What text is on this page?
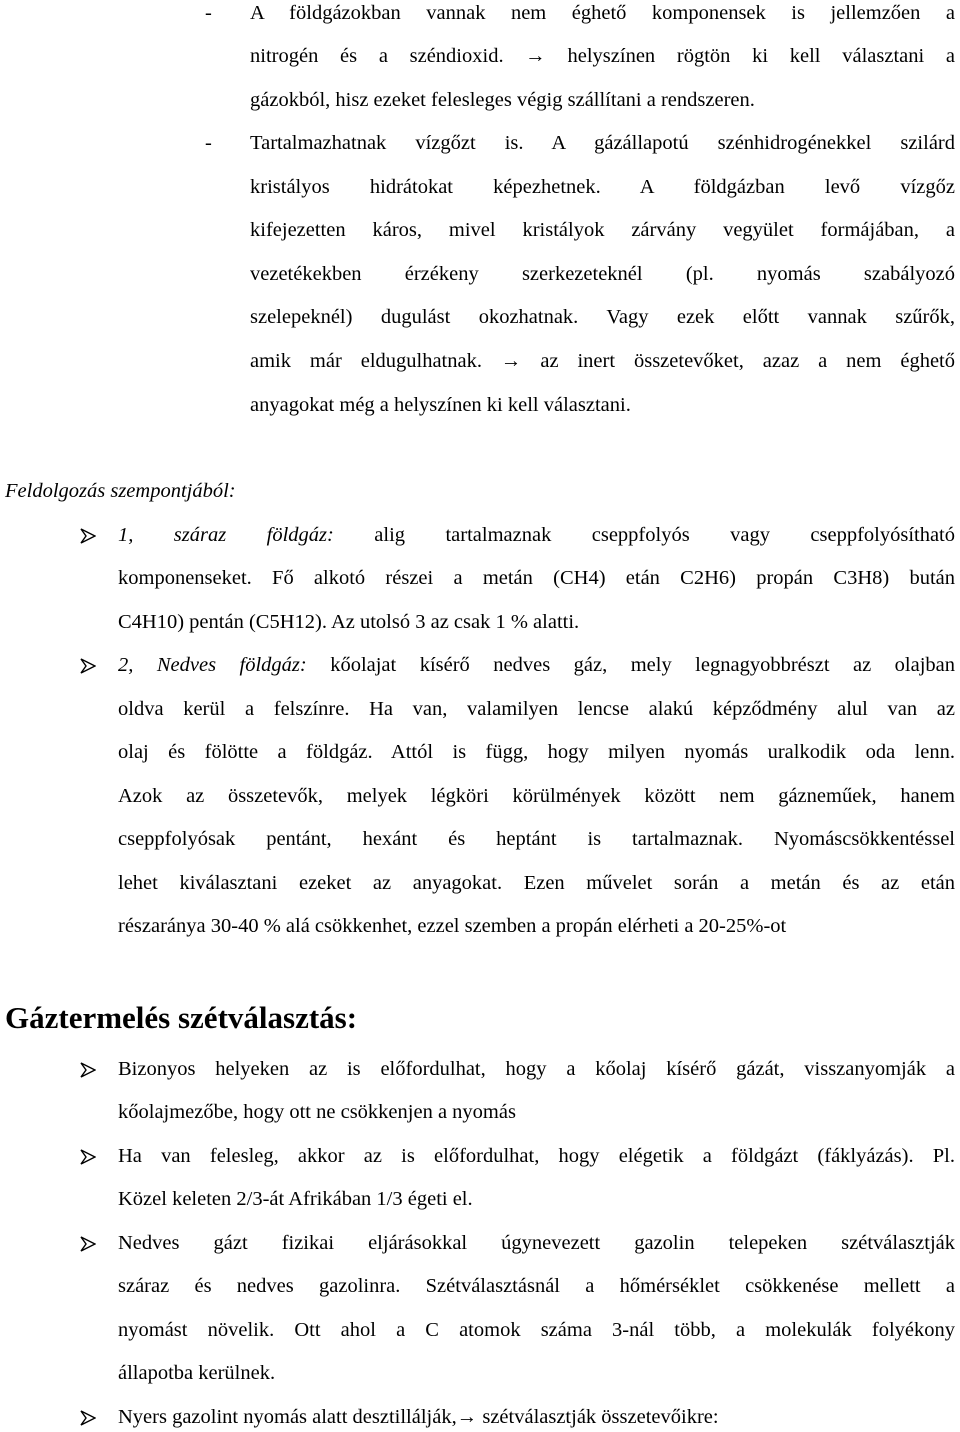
- A földgázokban vannak nem éghető komponensek is jellemzően a
nitrogén és a széndioxid. → helyszínen rögtön ki kell választani a
gázokból, hisz ezeket felesleges végig szállítani a rendszeren.
- Tartalmazhatnak vízgőzt is. A gázállapotú szénhidrogénekkel szilárd
kristályos hidrátokat képezhetnek. A földgázban levő vízgőz
kifejezetten káros, mivel kristályok zárvány vegyület formájában, a
vezetékekben érzékeny szerkezeteknél (pl. nyomás szabályozó
szelepeknél) dugulást okozhatnak. Vagy ezek előtt vannak szűrők,
amik már eldugulhatnak. → az inert összetevőket, azaz a nem éghető
anyagokat még a helyszínen ki kell választani.
Feldolgozás szempontjából:
1, száraz földgáz: alig tartalmaznak cseppfolyós vagy cseppfolyósítható
komponenseket. Fő alkotó részei a metán (CH4) etán C2H6) propán C3H8) bután
C4H10) pentán (C5H12). Az utolsó 3 az csak 1 % alatti.
2, Nedves földgáz: kőolajat kísérő nedves gáz, mely legnagyobbrészt az olajban
oldva kerül a felszínre. Ha van, valamilyen lencse alakú képződmény alul van az
olaj és fölötte a földgáz. Attól is függ, hogy milyen nyomás uralkodik oda lenn.
Azok az összetevők, melyek légköri körülmények között nem gázneműek, hanem
cseppfolyósak pentánt, hexánt és heptánt is tartalmaznak. Nyomáscsökkentéssel
lehet kiválasztani ezeket az anyagokat. Ezen művelet során a metán és az etán
részaránya 30-40 % alá csökkenhet, ezzel szemben a propán elérheti a 20-25%-ot
Gáztermelés szétválasztás:
Bizonyos helyeken az is előfordulhat, hogy a kőolaj kísérő gázát, visszanyomják a
kőolajmezőbe, hogy ott ne csökkenjen a nyomás
Ha van felesleg, akkor az is előfordulhat, hogy elégetik a földgázt (fáklyázás). Pl.
Közel keleten 2/3-át Afrikában 1/3 égeti el.
Nedves gázt fizikai eljárásokkal úgynevezett gazolin telepeken szétválasztják
száraz és nedves gazolinra. Szétválasztásnál a hőmérséklet csökkenése mellett a
nyomást növelik. Ott ahol a C atomok száma 3-nál több, a molekulák folyékony
állapotba kerülnek.
Nyers gazolint nyomás alatt desztillálják,→ szétválasztják összetevőikre:
